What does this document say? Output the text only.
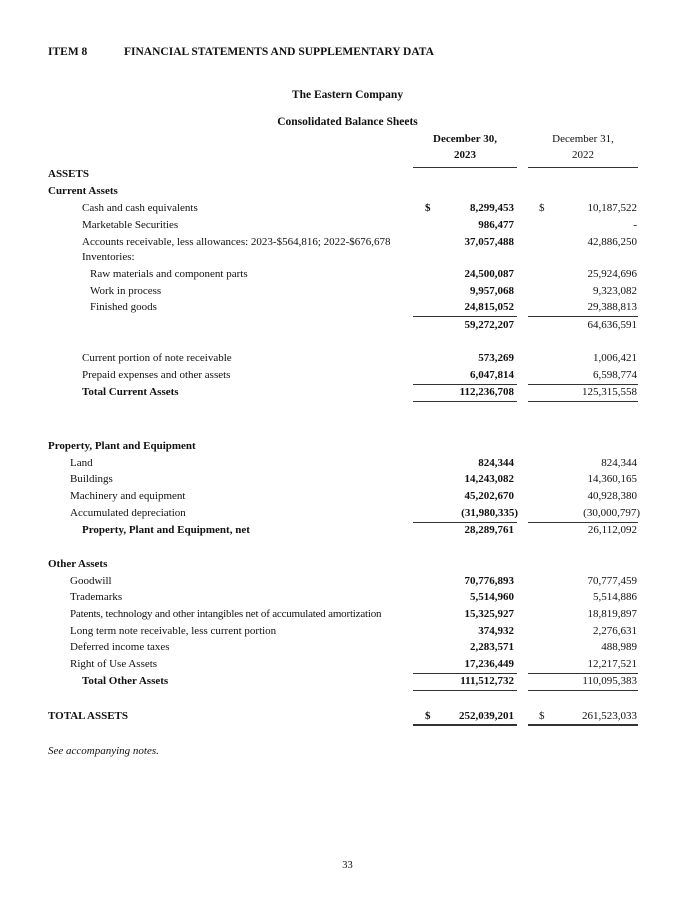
ITEM 8	FINANCIAL STATEMENTS AND SUPPLEMENTARY DATA
The Eastern Company
Consolidated Balance Sheets
December 30,
2023
December 31,
2022
ASSETS
Current Assets
Cash and cash equivalents	$	8,299,453 $	10,187,522
Marketable Securities	986,477	-
Accounts receivable, less allowances: 2023-$564,816; 2022-$676,678	37,057,488	42,886,250
Inventories:
Raw materials and component parts	24,500,087	25,924,696
Work in process	9,957,068	9,323,082
Finished goods	24,815,052	29,388,813
59,272,207	64,636,591
Current portion of note receivable	573,269	1,006,421
Prepaid expenses and other assets	6,047,814	6,598,774
Total Current Assets	112,236,708	125,315,558
Property, Plant and Equipment
Land	824,344	824,344
Buildings	14,243,082	14,360,165
Machinery and equipment	45,202,670	40,928,380
Accumulated depreciation	(31,980,335)	(30,000,797)
Property, Plant and Equipment, net	28,289,761	26,112,092
Other Assets
Goodwill	70,776,893	70,777,459
Trademarks	5,514,960	5,514,886
Patents, technology and other intangibles net of accumulated amortization	15,325,927	18,819,897
Long term note receivable, less current portion	374,932	2,276,631
Deferred income taxes	2,283,571	488,989
Right of Use Assets	17,236,449	12,217,521
Total Other Assets	111,512,732	110,095,383
TOTAL ASSETS	$	252,039,201 $	261,523,033
See accompanying notes.
33
